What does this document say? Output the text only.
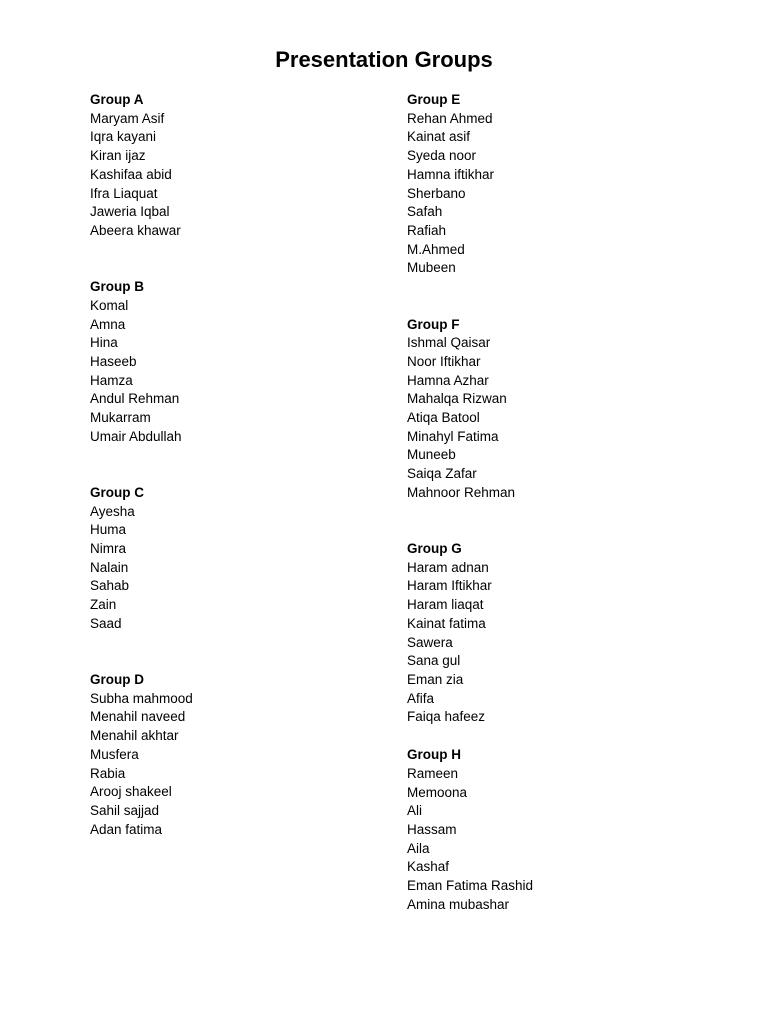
Presentation Groups
Group A
Maryam Asif
Iqra kayani
Kiran ijaz
Kashifaa abid
Ifra Liaquat
Jaweria Iqbal
Abeera khawar
Group B
Komal
Amna
Hina
Haseeb
Hamza
Andul Rehman
Mukarram
Umair Abdullah
Group C
Ayesha
Huma
Nimra
Nalain
Sahab
Zain
Saad
Group D
Subha mahmood
Menahil naveed
Menahil akhtar
Musfera
Rabia
Arooj shakeel
Sahil sajjad
Adan fatima
Group E
Rehan Ahmed
Kainat asif
Syeda noor
Hamna iftikhar
Sherbano
Safah
Rafiah
M.Ahmed
Mubeen
Group F
Ishmal Qaisar
Noor Iftikhar
Hamna Azhar
Mahalqa Rizwan
Atiqa Batool
Minahyl Fatima
Muneeb
Saiqa Zafar
Mahnoor Rehman
Group G
Haram adnan
Haram Iftikhar
Haram liaqat
Kainat fatima
Sawera
Sana gul
Eman zia
Afifa
Faiqa hafeez
Group H
Rameen
Memoona
Ali
Hassam
Aila
Kashaf
Eman Fatima Rashid
Amina mubashar
